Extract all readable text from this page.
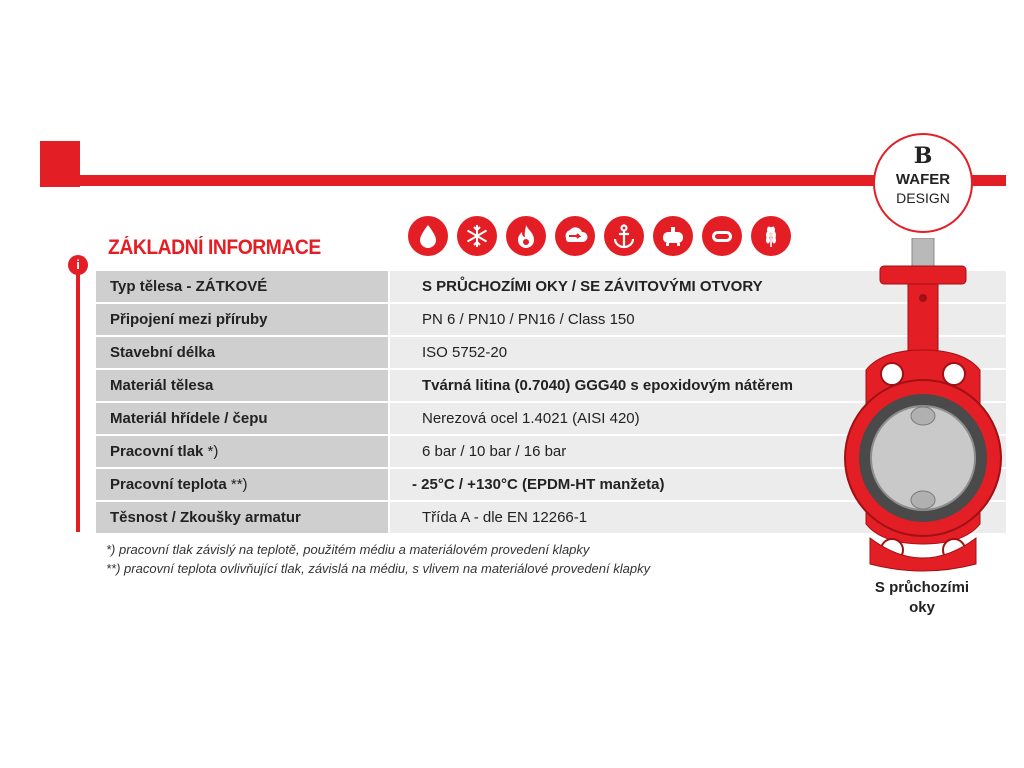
B
WAFER
DESIGN
i
ZÁKLADNÍ INFORMACE
Typ tělesa - ZÁTKOVÉ	S PRŮCHOZÍMI OKY / SE ZÁVITOVÝMI OTVORY
Připojení mezi příruby	PN 6 / PN10 / PN16 / Class 150
Stavební délka	ISO 5752-20
Materiál tělesa	Tvárná litina (0.7040) GGG40 s epoxidovým nátěrem
Materiál hřídele / čepu	Nerezová ocel 1.4021 (AISI 420)
Pracovní tlak *)	6 bar / 10 bar / 16 bar
Pracovní teplota **)	- 25°C / +130°C (EPDM-HT manžeta)
Těsnost / Zkoušky armatur	Třída A - dle EN 12266-1
*) pracovní tlak závislý na teplotě, použitém médiu a materiálovém provedení klapky
**) pracovní teplota ovlivňující tlak, závislá na médiu, s vlivem na materiálové provedení klapky
S průchozími
oky
